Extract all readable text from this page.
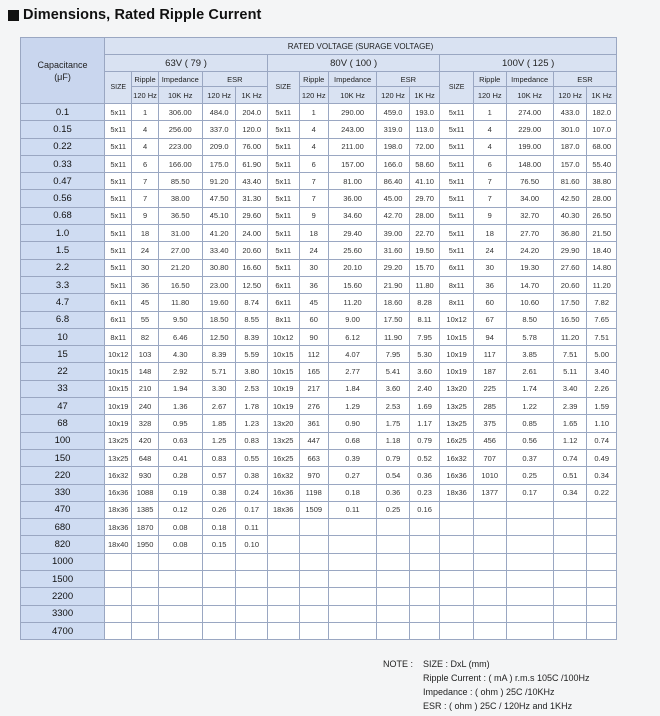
Dimensions, Rated Ripple Current
Capacitance
(μF)	RATED VOLTAGE (SURAGE VOLTAGE)														
	63V ( 79 )					80V ( 100 )					100V ( 125 )				
	SIZE	Ripple	Impedance	ESR		SIZE	Ripple	Impedance	ESR		SIZE	Ripple	Impedance	ESR	
		120 Hz	10K Hz	120 Hz	1K Hz		120 Hz	10K Hz	120 Hz	1K Hz		120 Hz	10K Hz	120 Hz	1K Hz
0.1	5x11	1	306.00	484.0	204.0	5x11	1	290.00	459.0	193.0	5x11	1	274.00	433.0	182.0
0.15	5x11	4	256.00	337.0	120.0	5x11	4	243.00	319.0	113.0	5x11	4	229.00	301.0	107.0
0.22	5x11	4	223.00	209.0	76.00	5x11	4	211.00	198.0	72.00	5x11	4	199.00	187.0	68.00
0.33	5x11	6	166.00	175.0	61.90	5x11	6	157.00	166.0	58.60	5x11	6	148.00	157.0	55.40
0.47	5x11	7	85.50	91.20	43.40	5x11	7	81.00	86.40	41.10	5x11	7	76.50	81.60	38.80
0.56	5x11	7	38.00	47.50	31.30	5x11	7	36.00	45.00	29.70	5x11	7	34.00	42.50	28.00
0.68	5x11	9	36.50	45.10	29.60	5x11	9	34.60	42.70	28.00	5x11	9	32.70	40.30	26.50
1.0	5x11	18	31.00	41.20	24.00	5x11	18	29.40	39.00	22.70	5x11	18	27.70	36.80	21.50
1.5	5x11	24	27.00	33.40	20.60	5x11	24	25.60	31.60	19.50	5x11	24	24.20	29.90	18.40
2.2	5x11	30	21.20	30.80	16.60	5x11	30	20.10	29.20	15.70	6x11	30	19.30	27.60	14.80
3.3	5x11	36	16.50	23.00	12.50	6x11	36	15.60	21.90	11.80	8x11	36	14.70	20.60	11.20
4.7	6x11	45	11.80	19.60	8.74	6x11	45	11.20	18.60	8.28	8x11	60	10.60	17.50	7.82
6.8	6x11	55	9.50	18.50	8.55	8x11	60	9.00	17.50	8.11	10x12	67	8.50	16.50	7.65
10	8x11	82	6.46	12.50	8.39	10x12	90	6.12	11.90	7.95	10x15	94	5.78	11.20	7.51
15	10x12	103	4.30	8.39	5.59	10x15	112	4.07	7.95	5.30	10x19	117	3.85	7.51	5.00
22	10x15	148	2.92	5.71	3.80	10x15	165	2.77	5.41	3.60	10x19	187	2.61	5.11	3.40
33	10x15	210	1.94	3.30	2.53	10x19	217	1.84	3.60	2.40	13x20	225	1.74	3.40	2.26
47	10x19	240	1.36	2.67	1.78	10x19	276	1.29	2.53	1.69	13x25	285	1.22	2.39	1.59
68	10x19	328	0.95	1.85	1.23	13x20	361	0.90	1.75	1.17	13x25	375	0.85	1.65	1.10
100	13x25	420	0.63	1.25	0.83	13x25	447	0.68	1.18	0.79	16x25	456	0.56	1.12	0.74
150	13x25	648	0.41	0.83	0.55	16x25	663	0.39	0.79	0.52	16x32	707	0.37	0.74	0.49
220	16x32	930	0.28	0.57	0.38	16x32	970	0.27	0.54	0.36	16x36	1010	0.25	0.51	0.34
330	16x36	1088	0.19	0.38	0.24	16x36	1198	0.18	0.36	0.23	18x36	1377	0.17	0.34	0.22
470	18x36	1385	0.12	0.26	0.17	18x36	1509	0.11	0.25	0.16					
680	18x36	1870	0.08	0.18	0.11										
820	18x40	1950	0.08	0.15	0.10										
1000															
1500															
2200															
3300															
4700															
NOTE :	SIZE : DxL (mm)
Ripple Current : ( mA ) r.m.s 105C /100Hz
Impedance : ( ohm ) 25C /10KHz
ESR : ( ohm ) 25C / 120Hz and 1KHz
